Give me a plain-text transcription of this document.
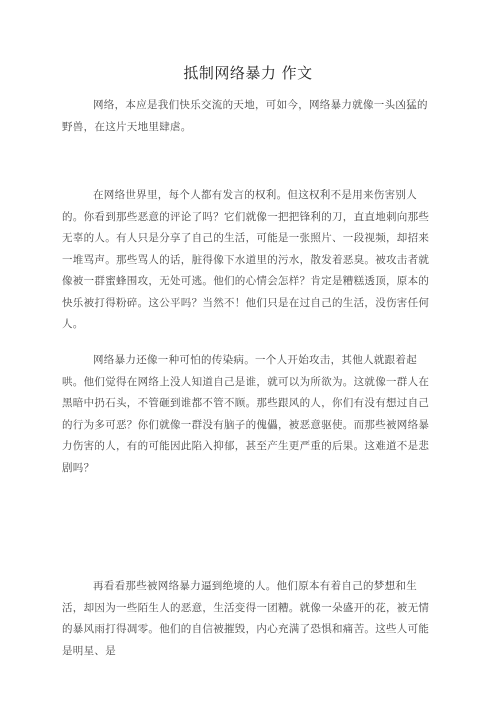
抵制网络暴力 作文

网络，本应是我们快乐交流的天地，可如今，网络暴力就像一头凶猛的野兽，在这片天地里肆虐。

在网络世界里，每个人都有发言的权利。但这权利不是用来伤害别人的。你看到那些恶意的评论了吗？它们就像一把把锋利的刀，直直地刺向那些无辜的人。有人只是分享了自己的生活，可能是一张照片、一段视频，却招来一堆骂声。那些骂人的话，脏得像下水道里的污水，散发着恶臭。被攻击者就像被一群蜜蜂围攻，无处可逃。他们的心情会怎样？肯定是糟糕透顶，原本的快乐被打得粉碎。这公平吗？当然不！他们只是在过自己的生活，没伤害任何人。

网络暴力还像一种可怕的传染病。一个人开始攻击，其他人就跟着起哄。他们觉得在网络上没人知道自己是谁，就可以为所欲为。这就像一群人在黑暗中扔石头，不管砸到谁都不管不顾。那些跟风的人，你们有没有想过自己的行为多可恶？你们就像一群没有脑子的傀儡，被恶意驱使。而那些被网络暴力伤害的人，有的可能因此陷入抑郁，甚至产生更严重的后果。这难道不是悲剧吗？

再看看那些被网络暴力逼到绝境的人。他们原本有着自己的梦想和生活，却因为一些陌生人的恶意，生活变得一团糟。就像一朵盛开的花，被无情的暴风雨打得凋零。他们的自信被摧毁，内心充满了恐惧和痛苦。这些人可能是明星、是
